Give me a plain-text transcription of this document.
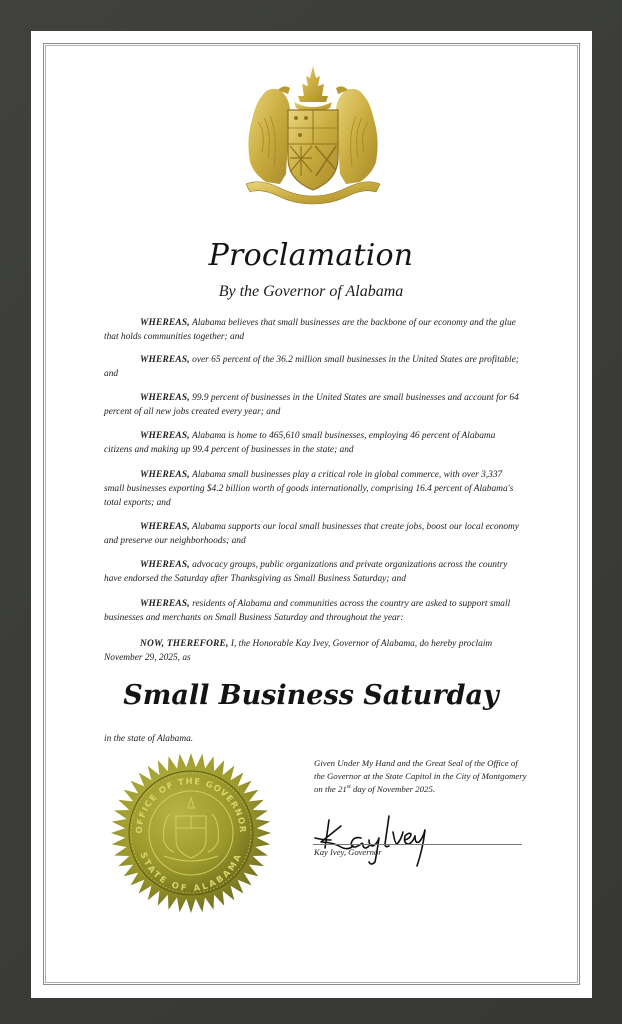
Proclamation
By the Governor of Alabama

WHEREAS, Alabama believes that small businesses are the backbone of our economy and the glue that holds communities together; and

WHEREAS, over 65 percent of the 36.2 million small businesses in the United States are profitable; and

WHEREAS, 99.9 percent of businesses in the United States are small businesses and account for 64 percent of all new jobs created every year; and

WHEREAS, Alabama is home to 465,610 small businesses, employing 46 percent of Alabama citizens and making up 99.4 percent of businesses in the state; and

WHEREAS, Alabama small businesses play a critical role in global commerce, with over 3,337 small businesses exporting $4.2 billion worth of goods internationally, comprising 16.4 percent of Alabama's total exports; and

WHEREAS, Alabama supports our local small businesses that create jobs, boost our local economy and preserve our neighborhoods; and

WHEREAS, advocacy groups, public organizations and private organizations across the country have endorsed the Saturday after Thanksgiving as Small Business Saturday; and

WHEREAS, residents of Alabama and communities across the country are asked to support small businesses and merchants on Small Business Saturday and throughout the year:

NOW, THEREFORE, I, the Honorable Kay Ivey, Governor of Alabama, do hereby proclaim November 29, 2025, as

Small Business Saturday
in the state of Alabama.
OFFICE OF THE GOVERNOR
STATE OF ALABAMA
Given Under My Hand and the Great Seal of the Office of the Governor at the State Capitol in the City of Montgomery on the 21st day of November 2025.
Kay Ivey, Governor
